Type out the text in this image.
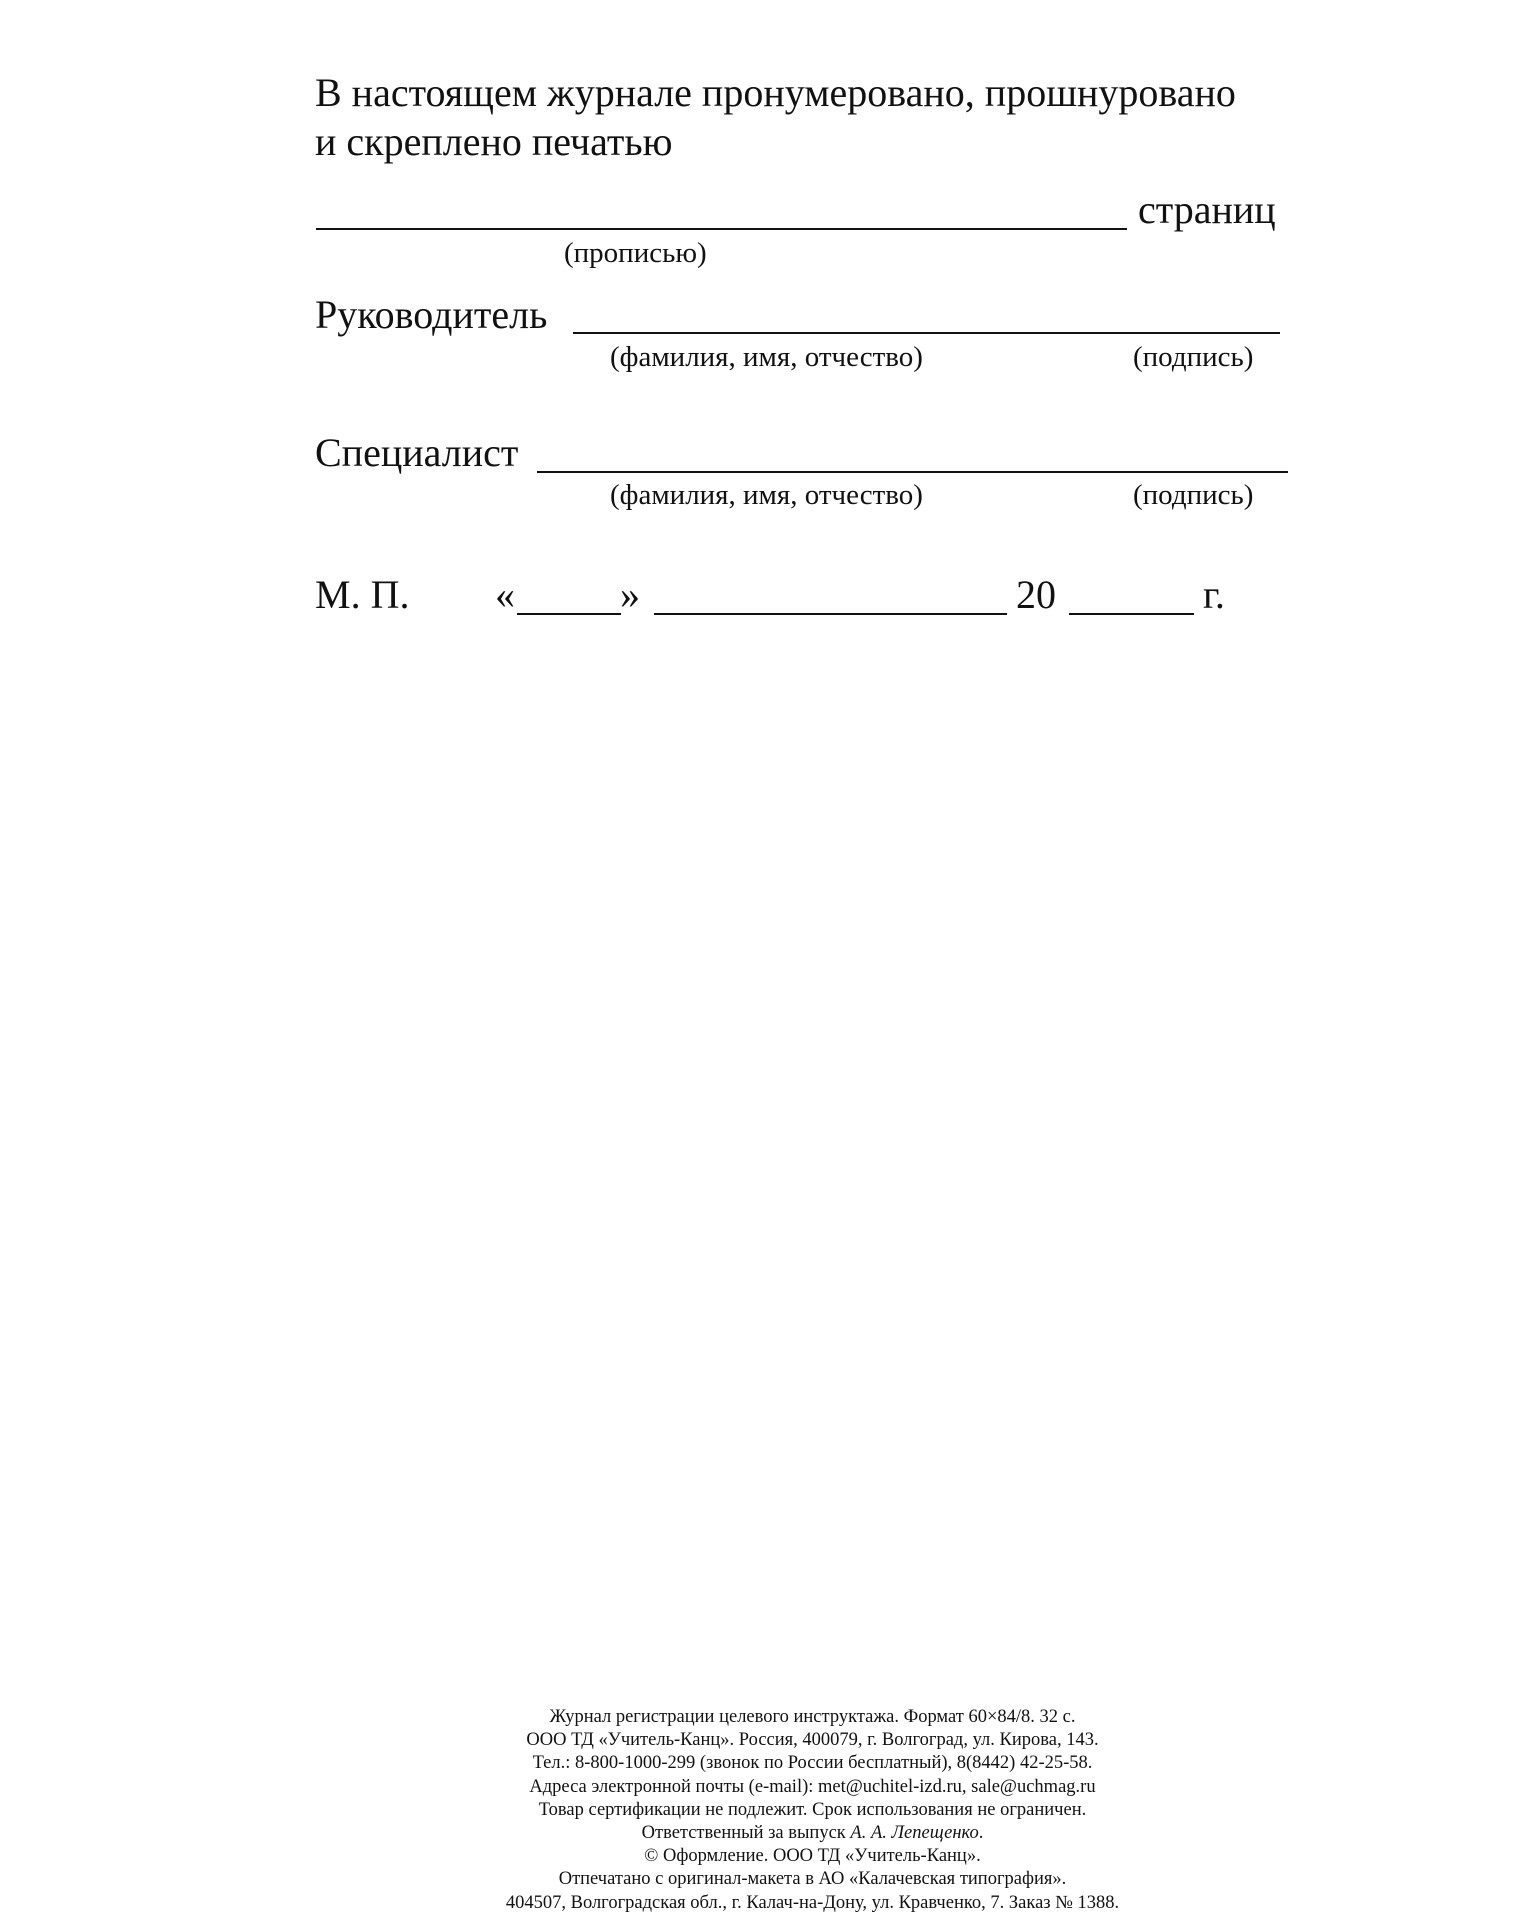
В настоящем журнале пронумеровано, прошнуровано
и скреплено печатью

страниц
(прописью)
Руководитель
(фамилия, имя, отчество)	(подпись)
Специалист
(фамилия, имя, отчество)	(подпись)
М. П. «	»	20	г.

Журнал регистрации целевого инструктажа. Формат 60×84/8. 32 с.

ООО ТД «Учитель-Канц». Россия, 400079, г. Волгоград, ул. Кирова, 143.

Тел.: 8-800-1000-299 (звонок по России бесплатный), 8(8442) 42-25-58.

Адреса электронной почты (e-mail): met@uchitel-izd.ru, sale@uchmag.ru

Товар сертификации не подлежит. Срок использования не ограничен.

Ответственный за выпуск А. А. Лепещенко.

© Оформление. ООО ТД «Учитель-Канц».

Отпечатано с оригинал-макета в АО «Калачевская типография».

404507, Волгоградская обл., г. Калач-на-Дону, ул. Кравченко, 7. Заказ № 1388.
